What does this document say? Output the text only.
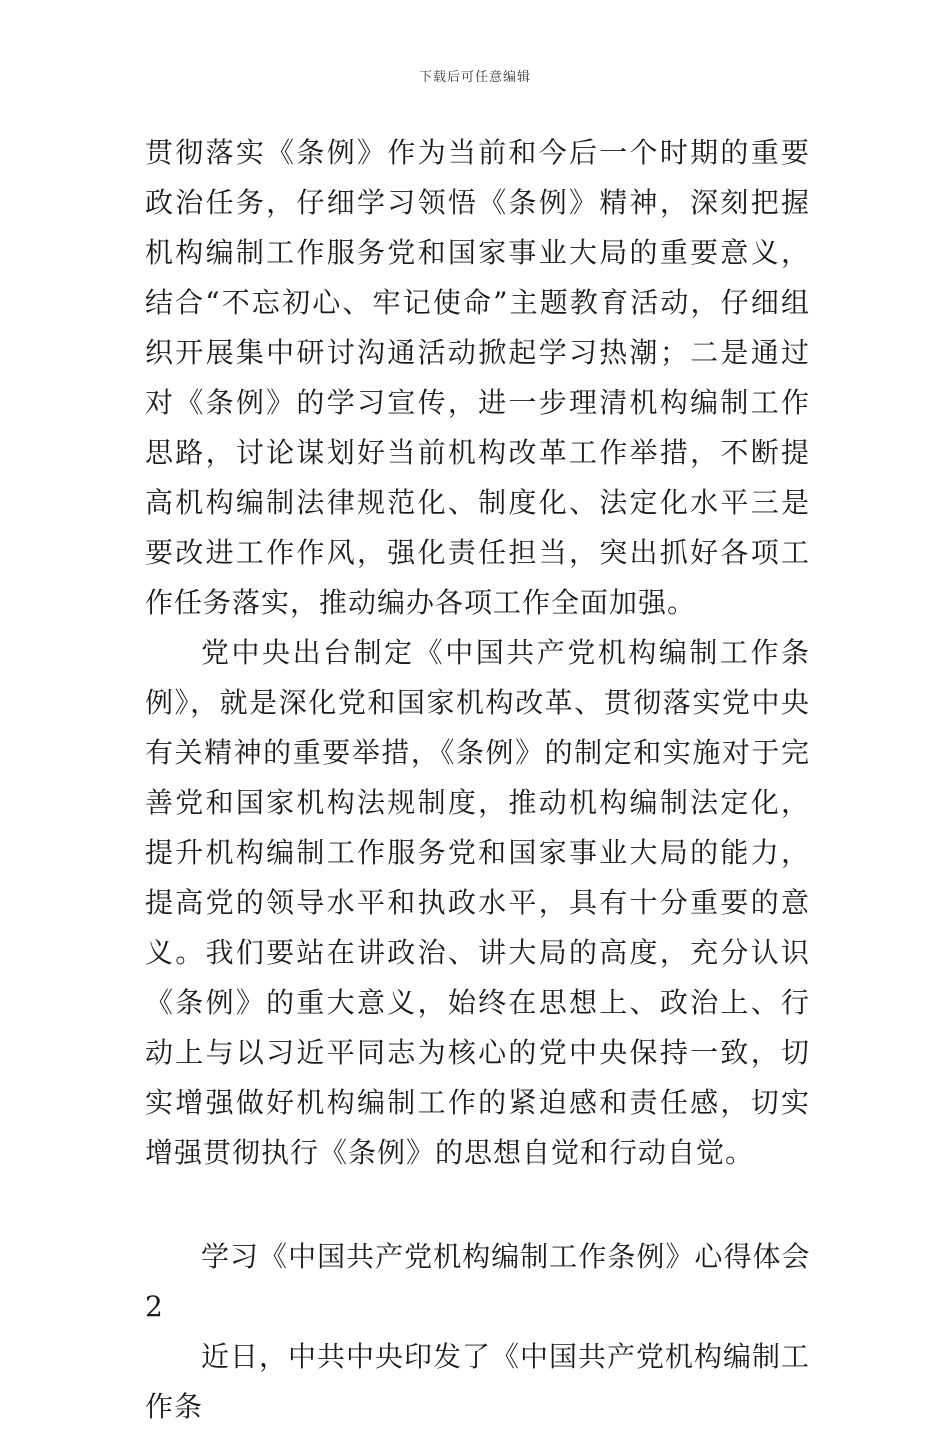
下载后可任意编辑

贯彻落实《条例》作为当前和今后一个时期的重要政治任务，仔细学习领悟《条例》精神，深刻把握机构编制工作服务党和国家事业大局的重要意义，结合“不忘初心、牢记使命”主题教育活动，仔细组织开展集中研讨沟通活动掀起学习热潮；二是通过对《条例》的学习宣传，进一步理清机构编制工作思路，讨论谋划好当前机构改革工作举措，不断提高机构编制法律规范化、制度化、法定化水平三是要改进工作作风，强化责任担当，突出抓好各项工作任务落实，推动编办各项工作全面加强。

党中央出台制定《中国共产党机构编制工作条例》，就是深化党和国家机构改革、贯彻落实党中央有关精神的重要举措，《条例》的制定和实施对于完善党和国家机构法规制度，推动机构编制法定化，提升机构编制工作服务党和国家事业大局的能力，提高党的领导水平和执政水平，具有十分重要的意义。我们要站在讲政治、讲大局的高度，充分认识《条例》的重大意义，始终在思想上、政治上、行动上与以习近平同志为核心的党中央保持一致，切实增强做好机构编制工作的紧迫感和责任感，切实增强贯彻执行《条例》的思想自觉和行动自觉。

学习《中国共产党机构编制工作条例》心得体会 2

近日，中共中央印发了《中国共产党机构编制工作条
